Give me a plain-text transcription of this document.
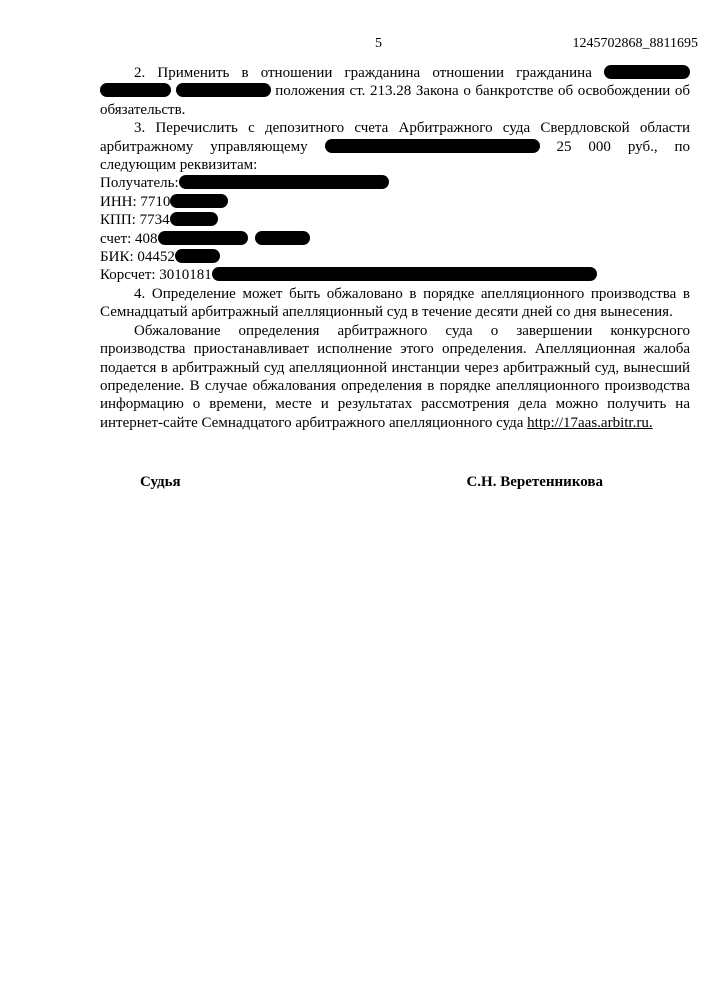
5	1245702868_8811695

2. Применить в отношении гражданина отношении гражданина    положения ст. 213.28 Закона о банкротстве об освобождении об обязательств.

3. Перечислить с депозитного счета Арбитражного суда Свердловской области арбитражному управляющему	25 000 руб., по следующим реквизитам:

Получатель:
ИНН: 7710
КПП: 7734
счет: 408
БИК: 04452
Корсчет: 3010181

4. Определение может быть обжаловано в порядке апелляционного производства в Семнадцатый арбитражный апелляционный суд в течение десяти дней со дня вынесения.

Обжалование определения арбитражного суда о завершении конкурсного производства приостанавливает исполнение этого определения. Апелляционная жалоба подается в арбитражный суд апелляционной инстанции через арбитражный суд, вынесший определение. В случае обжалования определения в порядке апелляционного производства информацию о времени, месте и результатах рассмотрения дела можно получить на интернет-сайте Семнадцатого арбитражного апелляционного суда http://17aas.arbitr.ru.

Судья	С.Н. Веретенникова
